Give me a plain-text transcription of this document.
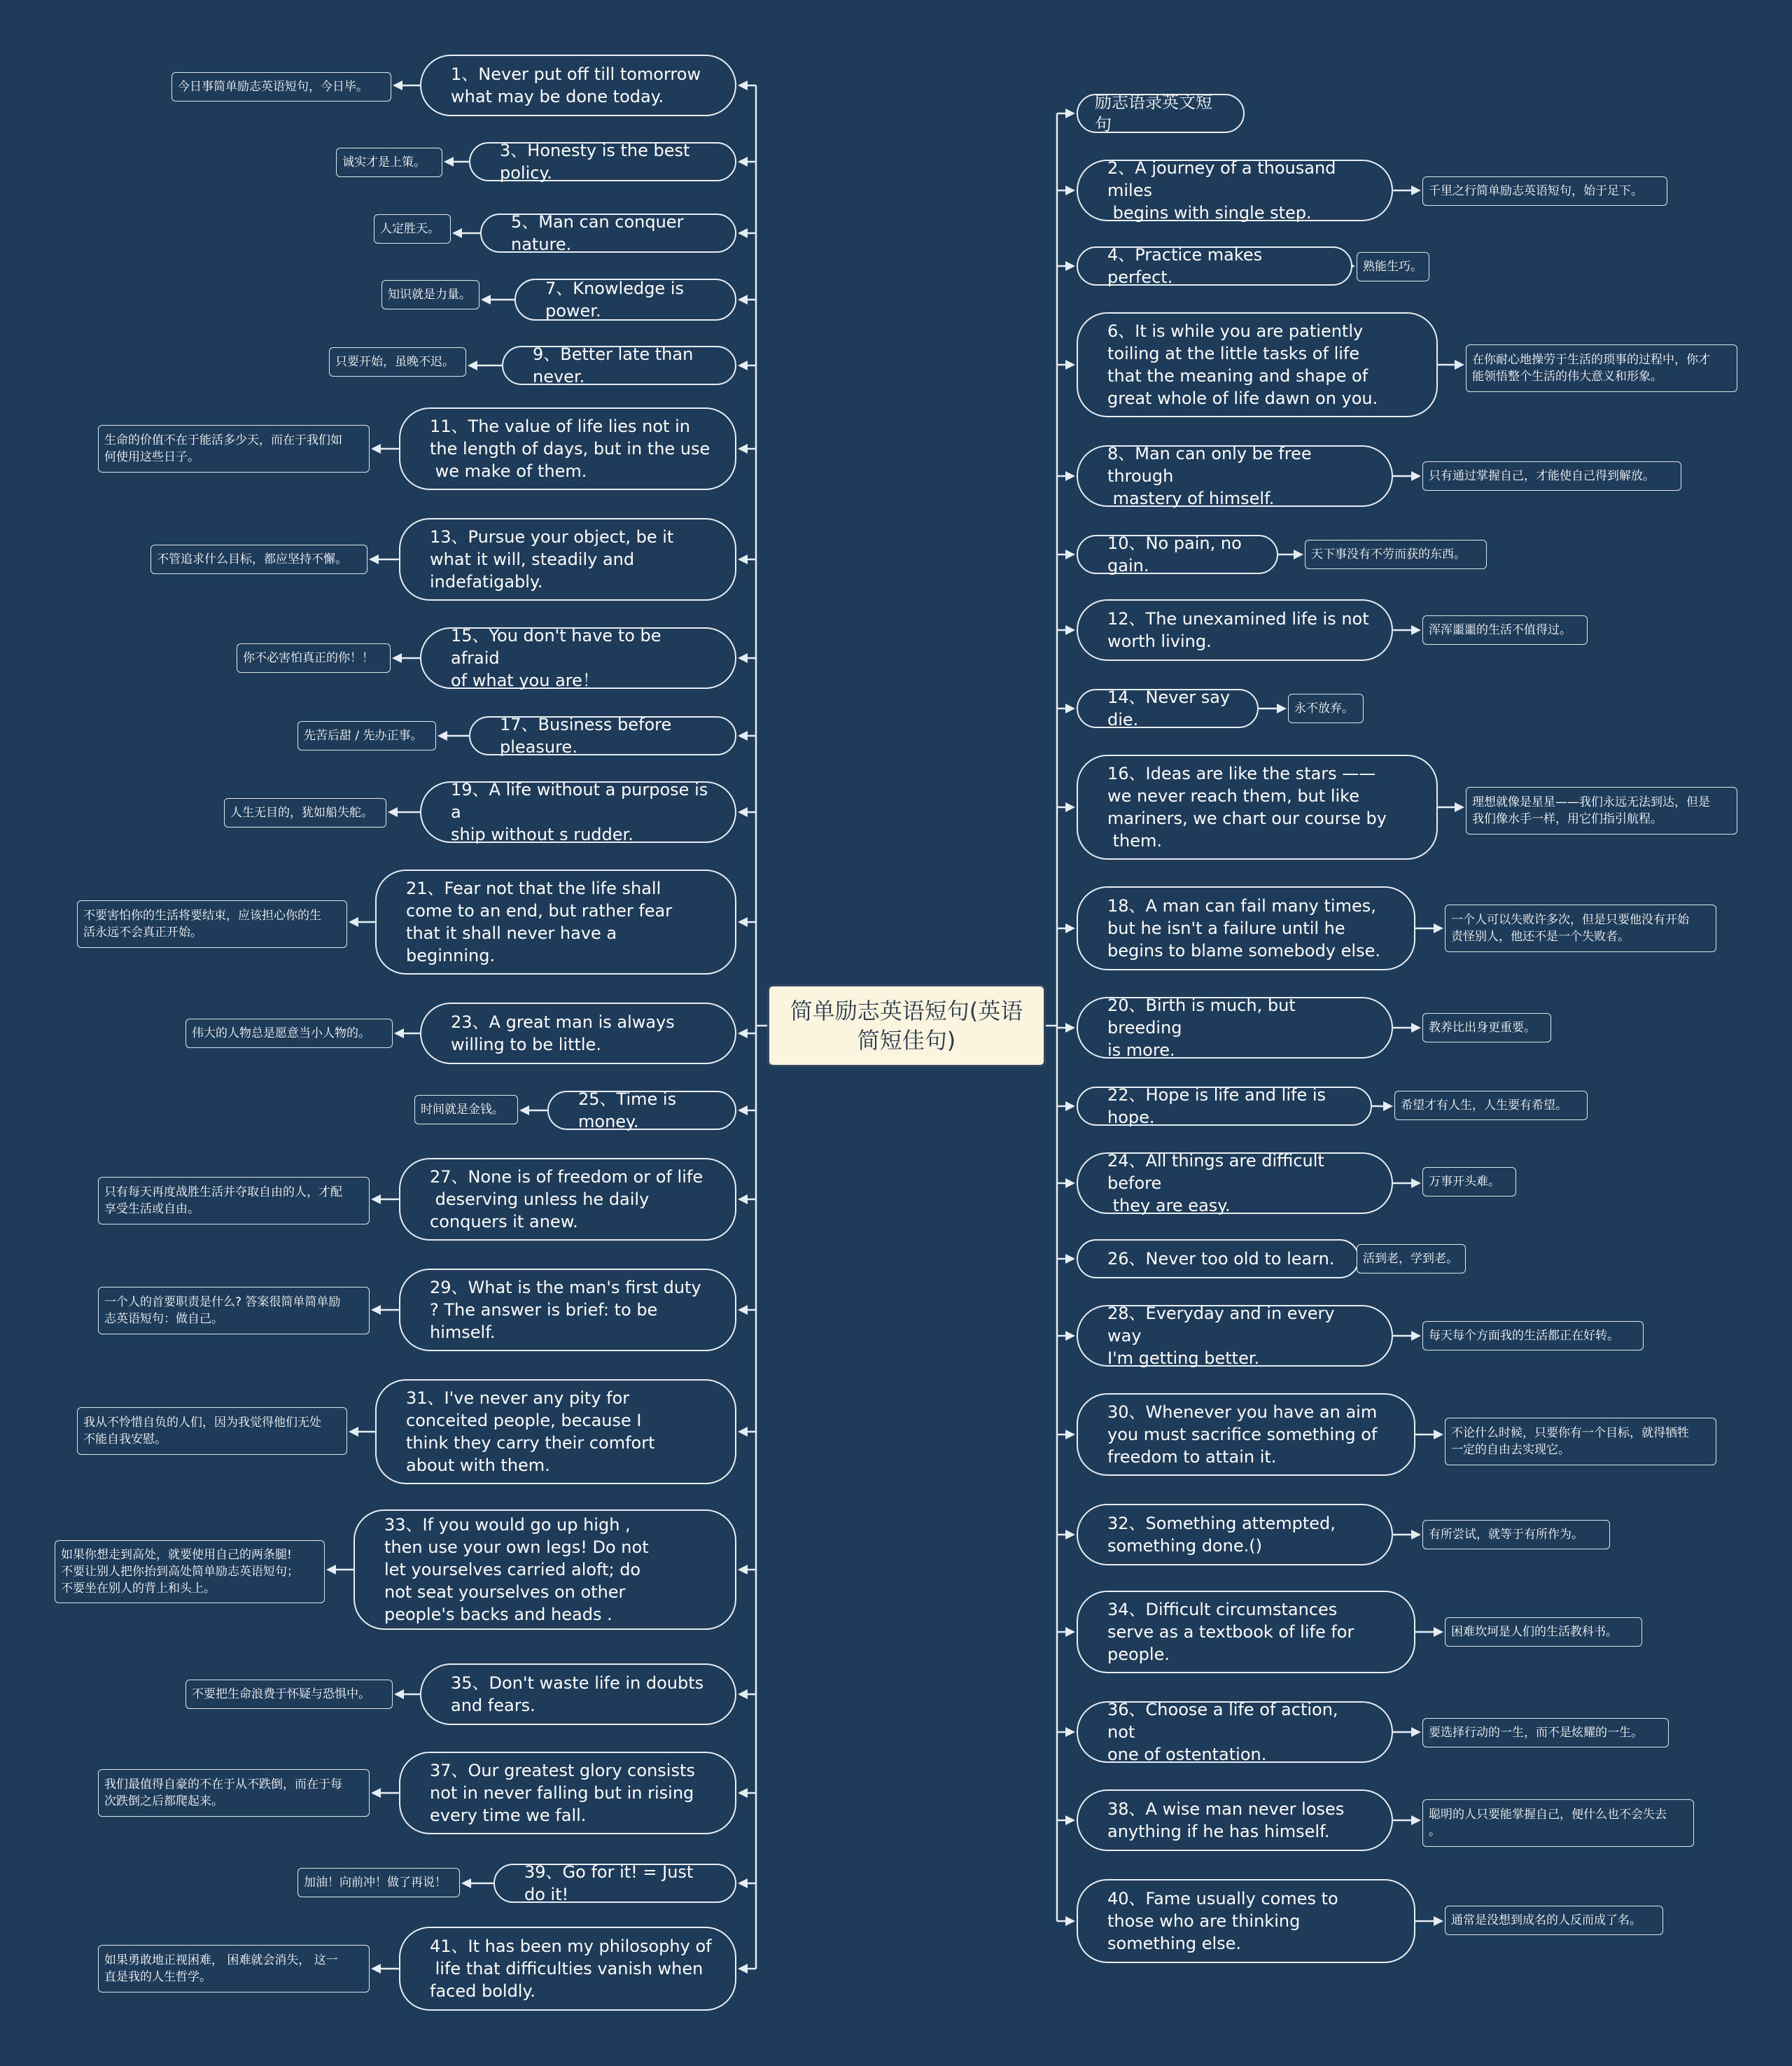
简单励志英语短句(英语简短佳句)
1、Never put off till tomorrow
what may be done today.
今日事简单励志英语短句，今日毕。
3、Honesty is the best policy.
诚实才是上策。
5、Man can conquer nature.
人定胜天。
7、Knowledge is power.
知识就是力量。
9、Better late than never.
只要开始，虽晚不迟。
11、The value of life lies not in
the length of days, but in the use
we make of them.
生命的价值不在于能活多少天，而在于我们如
何使用这些日子。
13、Pursue your object, be it
what it will, steadily and
indefatigably.
不管追求什么目标，都应坚持不懈。
15、You don't have to be afraid
of what you are！
你不必害怕真正的你！！
17、Business before pleasure.
先苦后甜 / 先办正事。
19、A life without a purpose is a
ship without s rudder.
人生无目的，犹如船失舵。
21、Fear not that the life shall
come to an end, but rather fear
that it shall never have a
beginning.
不要害怕你的生活将要结束，应该担心你的生
活永远不会真正开始。
23、A great man is always
willing to be little.
伟大的人物总是愿意当小人物的。
25、Time is money.
时间就是金钱。
27、None is of freedom or of life
deserving unless he daily
conquers it anew.
只有每天再度战胜生活并夺取自由的人，才配
享受生活或自由。
29、What is the man's first duty
? The answer is brief: to be
himself.
一个人的首要职责是什么? 答案很简单简单励
志英语短句：做自己。
31、I've never any pity for
conceited people, because I
think they carry their comfort
about with them.
我从不怜惜自负的人们，因为我觉得他们无处
不能自我安慰。
33、If you would go up high ,
then use your own legs! Do not
let yourselves carried aloft; do
not seat yourselves on other
people's backs and heads .
如果你想走到高处，就要使用自己的两条腿!
不要让别人把你抬到高处简单励志英语短句；
不要坐在别人的背上和头上。
35、Don't waste life in doubts
and fears.
不要把生命浪费于怀疑与恐惧中。
37、Our greatest glory consists
not in never falling but in rising
every time we fall.
我们最值得自豪的不在于从不跌倒，而在于每
次跌倒之后都爬起来。
39、Go for it! = Just do it!
加油！向前冲！做了再说！
41、It has been my philosophy of
life that difficulties vanish when
faced boldly.
如果勇敢地正视困难， 困难就会消失， 这一
直是我的人生哲学。
励志语录英文短句
2、A journey of a thousand miles
begins with single step.
千里之行简单励志英语短句，始于足下。
4、Practice makes perfect.
熟能生巧。
6、It is while you are patiently
toiling at the little tasks of life
that the meaning and shape of
great whole of life dawn on you.
在你耐心地操劳于生活的琐事的过程中，你才
能领悟整个生活的伟大意义和形象。
8、Man can only be free through
mastery of himself.
只有通过掌握自己，才能使自己得到解放。
10、No pain, no gain.
天下事没有不劳而获的东西。
12、The unexamined life is not
worth living.
浑浑噩噩的生活不值得过。
14、Never say die.
永不放弃。
16、Ideas are like the stars ——
we never reach them, but like
mariners, we chart our course by
them.
理想就像是星星——我们永远无法到达，但是
我们像水手一样，用它们指引航程。
18、A man can fail many times,
but he isn't a failure until he
begins to blame somebody else.
一个人可以失败许多次，但是只要他没有开始
责怪别人，他还不是一个失败者。
20、Birth is much, but breeding
is more.
教养比出身更重要。
22、Hope is life and life is hope.
希望才有人生，人生要有希望。
24、All things are difficult before
they are easy.
万事开头难。
26、Never too old to learn.	活到老，学到老。
28、Everyday and in every way
I'm getting better.
每天每个方面我的生活都正在好转。
30、Whenever you have an aim
you must sacrifice something of
freedom to attain it.
不论什么时候，只要你有一个目标，就得牺牲
一定的自由去实现它。
32、Something attempted,
something done.()
有所尝试，就等于有所作为。
34、Difficult circumstances
serve as a textbook of life for
people.
困难坎坷是人们的生活教科书。
36、Choose a life of action, not
one of ostentation.
要选择行动的一生，而不是炫耀的一生。
38、A wise man never loses
anything if he has himself.
聪明的人只要能掌握自己，便什么也不会失去
。
40、Fame usually comes to
those who are thinking
something else.
通常是没想到成名的人反而成了名。
